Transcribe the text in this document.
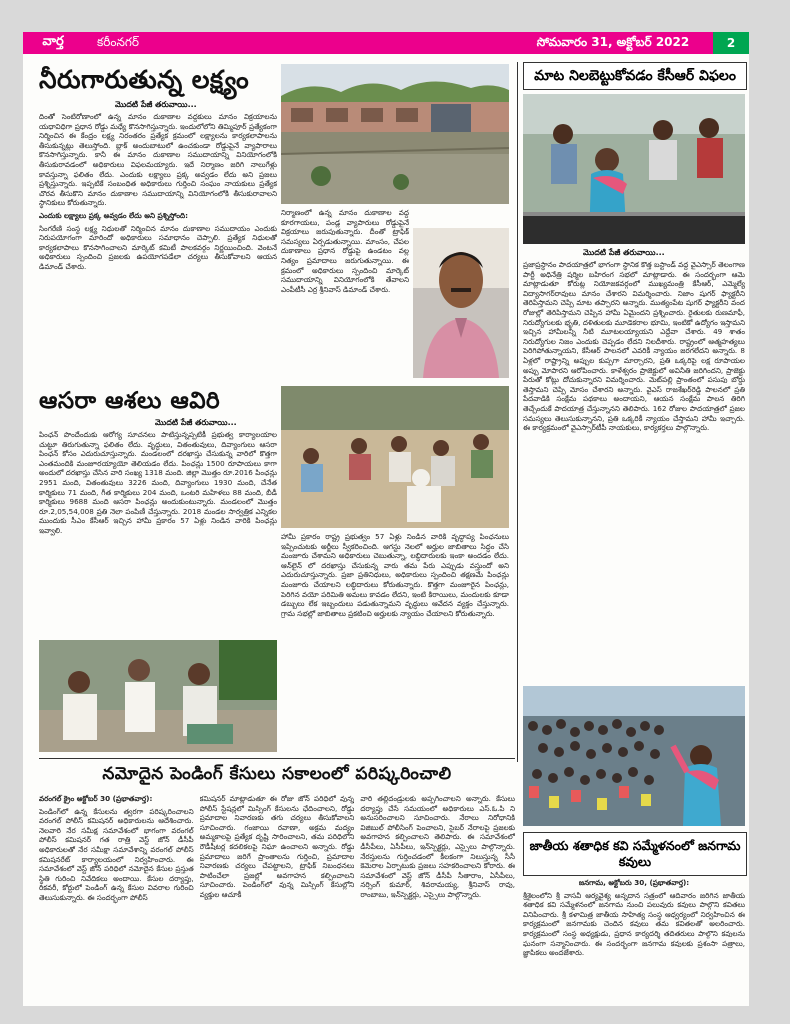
వార్త	కరీంనగర్	సోమవారం 31, అక్టోబర్ 2022	2
నీరుగారుతున్న లక్ష్యం
మొదటి పేజీ తరువాయి...

దింతో సెంటిరోణాంలో ఉన్న మానం దుకాణాల వద్దకులు మానం విక్రయాలను యధావిధిగా ప్రధాన రోడ్డు మధ్యే కొనసాగిస్తున్నారు. ఇందులోలోని తిమ్మిపూర్ ప్రత్యేకంగా నిర్మించిన ఈ కేంద్రం లక్ష్య నిరంతరం ప్రత్యేక క్రమంలో లక్ష్యాలను కార్యకలాపాలను తీసుకున్నట్లు తెలుస్తోంది. బ్లాక్ అందుబాటులో ఉంచకుండా రోడ్డుపైనే వ్యాపారాలు కొనసాగిస్తున్నారు. కానీ ఈ మానం దుకాణాల సముదాయాన్ని వినియోగంలోకి తీసుకురావడంలో అధికారులు విఫలమయ్యారు. ఇదే నిర్మాణం జరిగి నాలుగేళ్లు కావస్తున్నా ఫలితం లేదు. ఎందుకు లక్ష్యాలు ప్రక్క అవ్వడం లేదు అని ప్రజలు ప్రశ్నిస్తున్నారు. ఇప్పటికే సంబంధిత అధికారులు గుర్తించి సంఘం నాయకులు ప్రత్యేక చొరవ తీసుకొని మానం దుకాణాల సముదాయాన్ని వినియోగంలోకి తీసుకురావాలని స్థానికులు కోరుతున్నారు.

ఎందుకు లక్ష్యాలు ప్రక్క అవ్వడం లేదు అని ప్రశ్నిస్తోంది:

సింగరేణి సంస్థ లక్ష్య నిధులతో నిర్మించిన మానం దుకాణాల సముదాయం ఎందుకు నిరుపయోగంగా మారిందో అధికారులు సమాధానం చెప్పాలి. ప్రత్యేక నిధులతో కార్యకలాపాలు కొనసాగించాలని మార్కెట్ కమిటీ పాలకవర్గం నిర్ణయించింది. వెంటనే అధికారులు స్పందించి ప్రజలకు ఉపయోగపడేలా చర్యలు తీసుకోవాలని ఆయన డిమాండ్ చేశారు.

నిర్మాణంలో ఉన్న మానం దుకాణాల వద్ద కూరగాయలు, పండ్ల వ్యాపారులు రోడ్డుపైనే విక్రయాలు జరుపుతున్నారు. దీంతో ట్రాఫిక్ సమస్యలు ఏర్పడుతున్నాయి. మాంసం, చేపల దుకాణాలు ప్రధాన రోడ్డుపై ఉండటం వల్ల నిత్యం ప్రమాదాలు జరుగుతున్నాయి. ఈ క్రమంలో అధికారులు స్పందించి మార్కెట్ సముదాయాన్ని వినియోగంలోకి తేవాలని ఎంపీటీసీ ఎర్ర శ్రీనివాస్ డిమాండ్ చేశారు.
ఆసరా ఆశలు ఆవిరి
మొదటి పేజీ తరువాయి...
పింఛన్ పొందేందుకు ఆరోగ్య సూచనలు పాటిస్తున్నప్పటికీ ప్రభుత్వ కార్యాలయాల చుట్టూ తిరుగుతున్నా ఫలితం లేదు. వృద్ధులు, వితంతువులు, దివ్యాంగులు ఆసరా పింఛన్ కోసం ఎదురుచూస్తున్నారు. మండలంలో దరఖాస్తు చేసుకున్న వారిలో కొత్తగా ఎంతమందికి మంజూరయ్యాయో తెలియడం లేదు. పింఛన్లు 1500 రూపాయలు కాగా అందులో దరఖాస్తు చేసిన వారి సంఖ్య 1318 మంది. జిల్లా మొత్తం రూ.2016 పింఛన్లు 2951 మంది, వితంతువులు 3226 మంది, దివ్యాంగులు 1930 మంది, చేనేత కార్మికులు 71 మంది, గీత కార్మికులు 204 మంది, ఒంటరి మహిళలు 88 మంది, బీడీ కార్మికులు 9688 మంది ఆసరా పింఛన్లు అందుకుంటున్నారు. మండలంలో మొత్తం రూ.2,05,54,008 ప్రతి నెలా పంపిణీ చేస్తున్నారు. 2018 మండల సార్వత్రిక ఎన్నికల ముందుకు సీఎం కేసీఆర్ ఇచ్చిన హామీ ప్రకారం 57 ఏళ్లు నిండిన వారికి పింఛన్లు ఇవ్వాలి.
హామీ ప్రకారం రాష్ట్ర ప్రభుత్వం 57 ఏళ్లు నిండిన వారికి వృద్ధాప్య పింఛనులు ఇప్పించుటకు అర్జీలు స్వీకరించింది. ఆగస్టు నెలలో అర్హుల జాబితాలు సిద్ధం చేసి మంజూరు చేశామని అధికారులు చెబుతున్నా, లబ్ధిదారులకు ఇంకా అందడం లేదు. ఆన్‌లైన్ లో దరఖాస్తు చేసుకున్న వారు తమ పేరు ఎప్పుడు వస్తుందో అని ఎదురుచూస్తున్నారు. ప్రజా ప్రతినిధులు, అధికారులు స్పందించి తక్షణమే పింఛన్లు మంజూరు చేయాలని లబ్ధిదారులు కోరుతున్నారు. కొత్తగా మంజూరైన పింఛన్లు, పెరిగిన వయో పరిమితి అమలు కావడం లేదని, ఇంటి కిరాయిలు, మందులకు కూడా డబ్బులు లేక ఇబ్బందులు పడుతున్నామని వృద్ధులు ఆవేదన వ్యక్తం చేస్తున్నారు. గ్రామ సభల్లో జాబితాలు ప్రకటించి అర్హులకు న్యాయం చేయాలని కోరుతున్నారు.
మాట నిలబెట్టుకోవడం కేసీఆర్ విఫలం
మొదటి పేజీ తరువాయి...
ప్రజాప్రస్థానం పాదయాత్రలో భాగంగా స్థానిక కొత్త బస్టాండ్ వద్ద వైఎస్సార్ తెలంగాణ పార్టీ అధినేత్రి షర్మిల బహిరంగ సభలో మాట్లాడారు. ఈ సందర్భంగా ఆమె మాట్లాడుతూ కోరుట్ల నియోజకవర్గంలో ముఖ్యమంత్రి కేసీఆర్, ఎమ్మెల్యే విద్యాసాగర్‌రావులు మానం చేశారని విమర్శించారు. నిజాం షుగర్ ఫ్యాక్టరీని తెరిపిస్తామని చెప్పి మాట తప్పారని అన్నారు. ముత్యంపేట షుగర్ ఫ్యాక్టరీని వంద రోజుల్లో తెరిపిస్తామని చెప్పిన హామీ ఏమైందని ప్రశ్నించారు. రైతులకు రుణమాఫీ, నిరుద్యోగులకు భృతి, దళితులకు మూడెకరాల భూమి, ఇంటికో ఉద్యోగం ఇస్తామని ఇచ్చిన హామీలన్నీ నీటి మూటలయ్యాయని ఎద్దేవా చేశారు. 49 శాతం నిరుద్యోగుల నిజం ఎందుకు చెప్పడం లేదని నిలదీశారు. రాష్ట్రంలో ఆత్మహత్యలు పెరిగిపోతున్నాయని, కేసీఆర్ పాలనలో ఎవరికీ న్యాయం జరగలేదని అన్నారు. 8 ఏళ్లలో రాష్ట్రాన్ని అప్పుల కుప్పగా మార్చారని, ప్రతి ఒక్కరిపై లక్ష రూపాయల అప్పు మోపారని ఆరోపించారు. కాళేశ్వరం ప్రాజెక్టులో అవినీతి జరిగిందని, ప్రాజెక్టు పేరుతో కోట్లు దోచుకున్నారని విమర్శించారు. మెట్‌పల్లి ప్రాంతంలో పసుపు బోర్డు తెస్తామని చెప్పి మోసం చేశారని అన్నారు. వైఎస్ రాజశేఖర్‌రెడ్డి పాలనలో ప్రతి పేదవాడికి సంక్షేమ పథకాలు అందాయని, ఆయన సంక్షేమ పాలన తిరిగి తెచ్చేందుకే పాదయాత్ర చేస్తున్నానని తెలిపారు. 162 రోజుల పాదయాత్రలో ప్రజల సమస్యలు తెలుసుకున్నానని, ప్రతి ఒక్కరికీ న్యాయం చేస్తామని హామీ ఇచ్చారు. ఈ కార్యక్రమంలో వైఎస్సార్‌టీపీ నాయకులు, కార్యకర్తలు పాల్గొన్నారు.
నమోదైన పెండింగ్ కేసులు సకాలంలో పరిష్కరించాలి

వరంగల్ క్రైం అక్టోబర్ 30 (ప్రభాతవార్త):

పెండింగ్‌లో ఉన్న కేసులను త్వరగా పరిష్కరించాలని వరంగల్ పోలీస్ కమిషనర్ అధికారులను ఆదేశించారు. నెలవారి నేర సమీక్ష సమావేశంలో భాగంగా వరంగల్ పోలీస్ కమిషనర్ గత రాత్రి వెస్ట్ జోన్ డీసీపీ అధికారులతో నేర సమీక్షా సమావేశాన్ని వరంగల్ పోలీస్ కమిషనరేట్ కార్యాలయంలో నిర్వహించారు. ఈ సమావేశంలో వెస్ట్ జోన్ పరిధిలో నమోదైన కేసుల ప్రస్తుత స్థితి గురించి నివేదికలు అందాయి. కేసుల దర్యాప్తు, రికవరీ, కోర్టులో పెండింగ్ ఉన్న కేసుల వివరాల గురించి తెలుసుకున్నారు. ఈ సందర్భంగా పోలీస్

కమిషనర్ మాట్లాడుతూ ఈ రోజు జోన్ పరిధిలో వున్న పోలీస్ స్టేషన్లలో మిస్సింగ్ కేసులను ఛేదించాలని, రోడ్డు ప్రమాదాల నివారణకు తగు చర్యలు తీసుకోవాలని సూచించారు. గంజాయి రవాణా, అక్రమ మద్యం అమ్మకాలపై ప్రత్యేక దృష్టి సారించాలని, తమ పరిధిలోని రౌడీషీటర్ల కదలికలపై నిఘా ఉంచాలని అన్నారు. రోడ్డు ప్రమాదాలు జరిగే ప్రాంతాలను గుర్తించి, ప్రమాదాల నివారణకు చర్యలు చేపట్టాలని, ట్రాఫిక్ నిబంధనలు పాటించేలా ప్రజల్లో అవగాహన కల్పించాలని సూచించారు. పెండింగ్‌లో వున్న మిస్సింగ్ కేసుల్లోని వ్యక్తుల ఆచూకీ
వారి తల్లిదండ్రులకు అప్పగించాలని అన్నారు. కేసులు దర్యాప్తు చేసే సమయంలో అధికారులు ఎస్.ఓ.పి ని అనుసరించాలని సూచించారు. నేరాలు నిరోధానికి విజిబుల్ పోలీసింగ్ పెంచాలని, సైబర్ నేరాలపై ప్రజలకు అవగాహన కల్పించాలని తెలిపారు. ఈ సమావేశంలో డీసీపీలు, ఏసీపీలు, ఇన్‌స్పెక్టర్లు, ఎస్సైలు పాల్గొన్నారు. నేరస్తులను గుర్తించడంలో కీలకంగా నిలుస్తున్న సీసీ కెమెరాల ఏర్పాటుకు ప్రజలు సహకరించాలని కోరారు. ఈ సమావేశంలో వెస్ట్ జోన్ డీసీపీ సీతారాం, ఏసీపీలు, నర్సింగ్ కుమార్, శివరామయ్య, శ్రీనివాస్ రావు, రాంబాబు, ఇన్‌స్పెక్టర్లు, ఎస్సైలు పాల్గొన్నారు.
జాతీయ శతాధిక కవి సమ్మేళనంలో జనగామ కవులు

జనగామ, అక్టోబరు 30, (ప్రభాతవార్త):

శ్రీశైలంలోని శ్రీ వాసవీ ఆర్యవైశ్య అన్నదాన సత్రంలో ఆదివారం జరిగిన జాతీయ శతాధిక కవి సమ్మేళనంలో జనగామ నుంచి పలువురు కవులు పాల్గొని కవితలు వినిపించారు. శ్రీ కళామిత్ర జాతీయ సాహిత్య సంస్థ ఆధ్వర్యంలో నిర్వహించిన ఈ కార్యక్రమంలో జనగామకు చెందిన కవులు తమ కవితలతో అలరించారు. కార్యక్రమంలో సంస్థ అధ్యక్షుడు, ప్రధాన కార్యదర్శి తదితరులు పాల్గొని కవులను ఘనంగా సన్మానించారు. ఈ సందర్భంగా జనగామ కవులకు ప్రశంసా పత్రాలు, జ్ఞాపికలు అందజేశారు.
